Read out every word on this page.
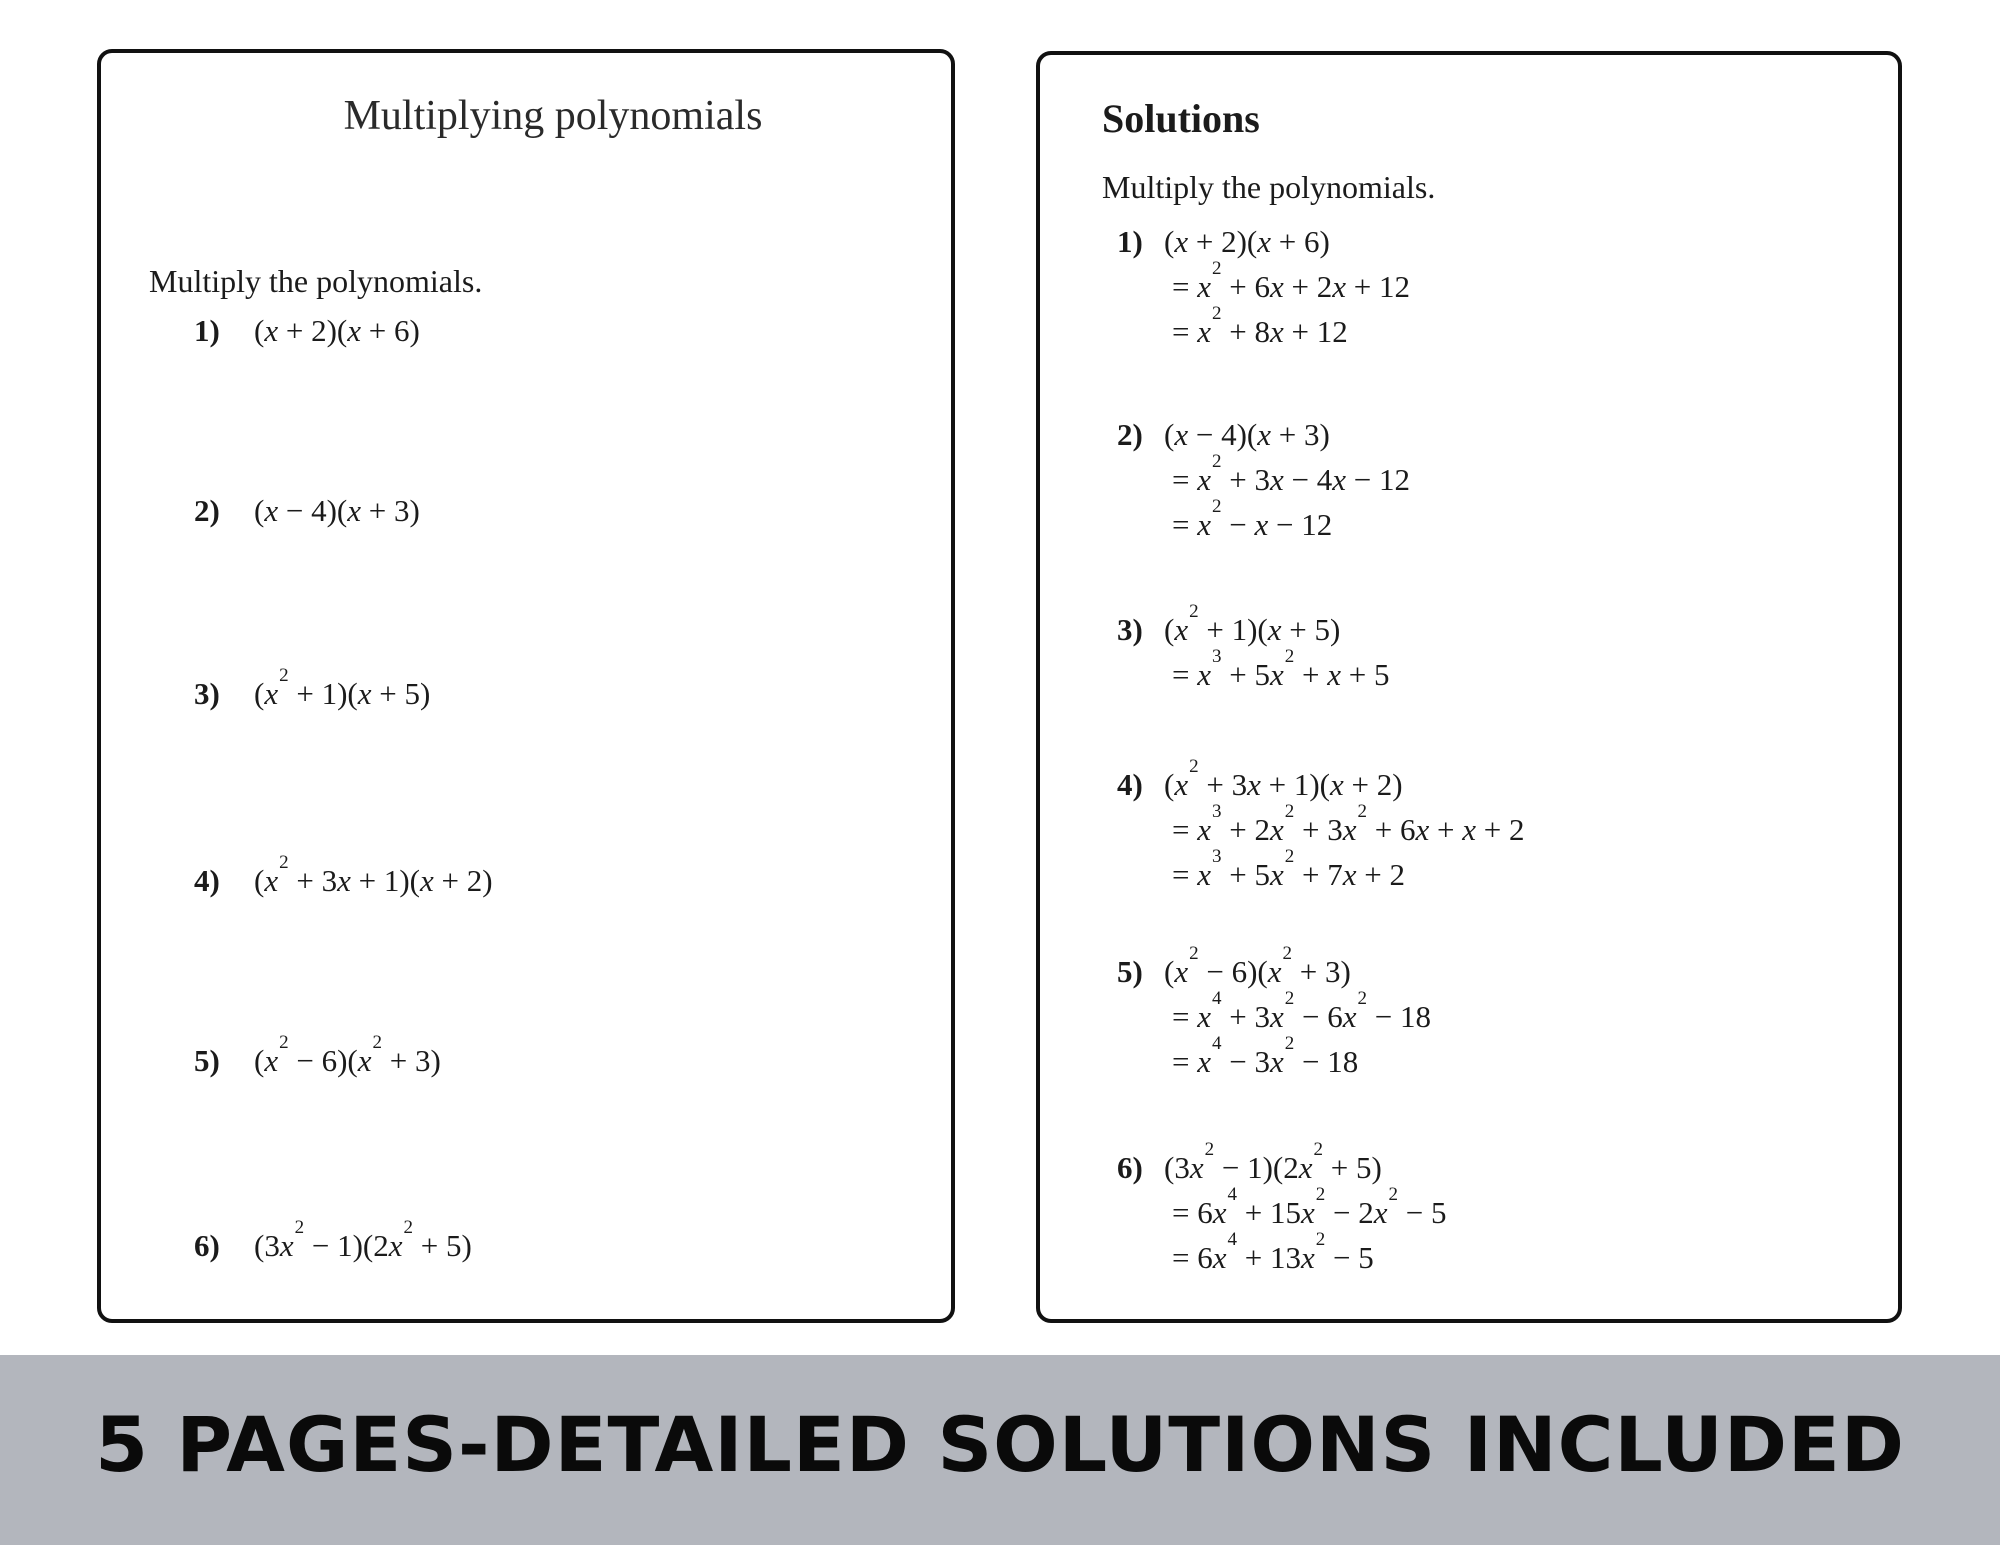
Multiplying polynomials
Multiply the polynomials.
1) (x + 2)(x + 6)
2) (x − 4)(x + 3)
3) $(x^2 + 1)(x + 5)$
4) $(x^2 + 3x + 1)(x + 2)$
5) $(x^2 - 6)(x^2 + 3)$
6) $(3x^2 - 1)(2x^2 + 5)$
Solutions
Multiply the polynomials.
1) (x + 2)(x + 6)
= $x^2 + 6x + 2x + 12$
= $x^2 + 8x + 12$
2) (x − 4)(x + 3)
= $x^2 + 3x - 4x - 12$
= $x^2 - x - 12$
3) $(x^2 + 1)(x + 5)$
= $x^3 + 5x^2 + x + 5$
4) $(x^2 + 3x + 1)(x + 2)$
= $x^3 + 2x^2 + 3x^2 + 6x + x + 2$
= $x^3 + 5x^2 + 7x + 2$
5) $(x^2 - 6)(x^2 + 3)$
= $x^4 + 3x^2 - 6x^2 - 18$
= $x^4 - 3x^2 - 18$
6) $(3x^2 - 1)(2x^2 + 5)$
= $6x^4 + 15x^2 - 2x^2 - 5$
= $6x^4 + 13x^2 - 5$
5 PAGES-DETAILED SOLUTIONS INCLUDED
